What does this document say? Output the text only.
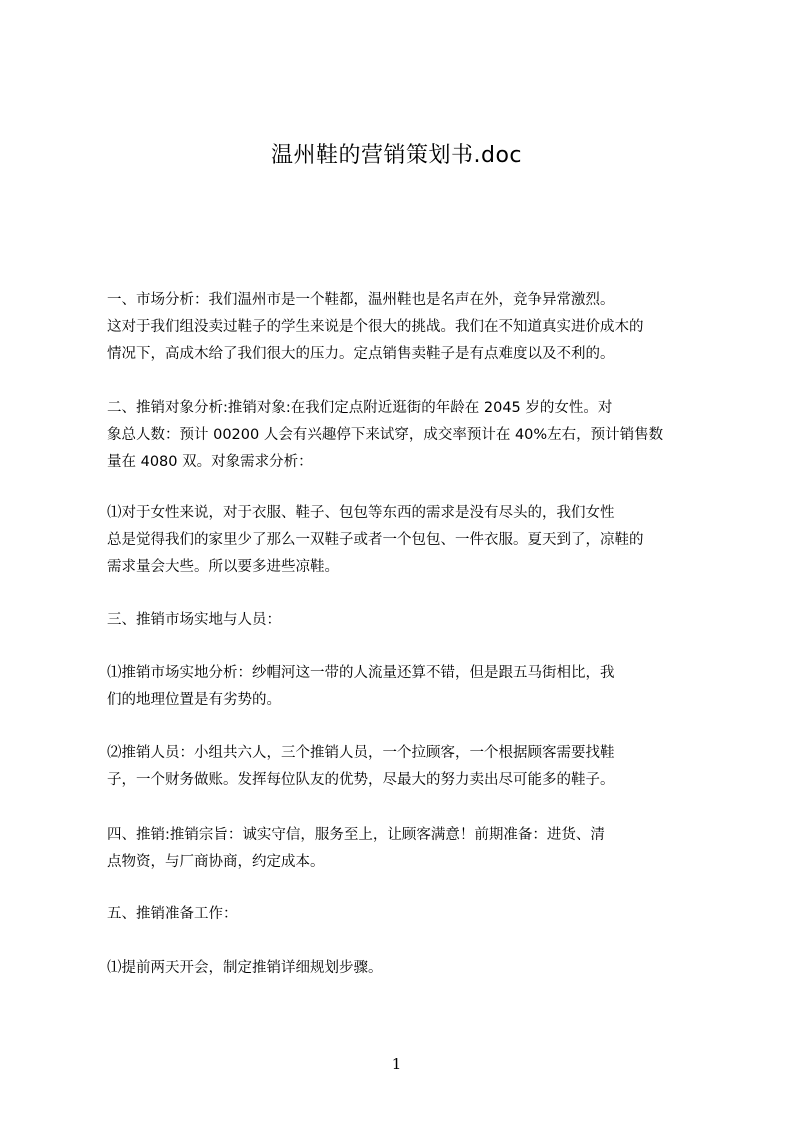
温州鞋的营销策划书.doc

一、市场分析：我们温州市是一个鞋都，温州鞋也是名声在外，竞争异常激烈。
这对于我们组没卖过鞋子的学生来说是个很大的挑战。我们在不知道真实进价成木的
情况下，高成木给了我们很大的压力。定点销售卖鞋子是有点难度以及不利的。

二、推销对象分析:推销对象:在我们定点附近逛街的年龄在 2045 岁的女性。对
象总人数：预计 00200 人会有兴趣停下来试穿，成交率预计在 40%左右，预计销售数
量在 4080 双。对象需求分析：

⑴对于女性来说，对于衣服、鞋子、包包等东西的需求是没有尽头的，我们女性
总是觉得我们的家里少了那么一双鞋子或者一个包包、一件衣服。夏天到了，凉鞋的
需求量会大些。所以要多进些凉鞋。

三、推销市场实地与人员：

⑴推销市场实地分析：纱帽河这一带的人流量还算不错，但是跟五马街相比，我
们的地理位置是有劣势的。

⑵推销人员：小组共六人，三个推销人员，一个拉顾客，一个根据顾客需要找鞋
子，一个财务做账。发挥每位队友的优势，尽最大的努力卖出尽可能多的鞋子。

四、推销:推销宗旨：诚实守信，服务至上，让顾客满意！前期准备：进货、清
点物资，与厂商协商，约定成本。

五、推销准备工作：

⑴提前两天开会，制定推销详细规划步骤。

1
